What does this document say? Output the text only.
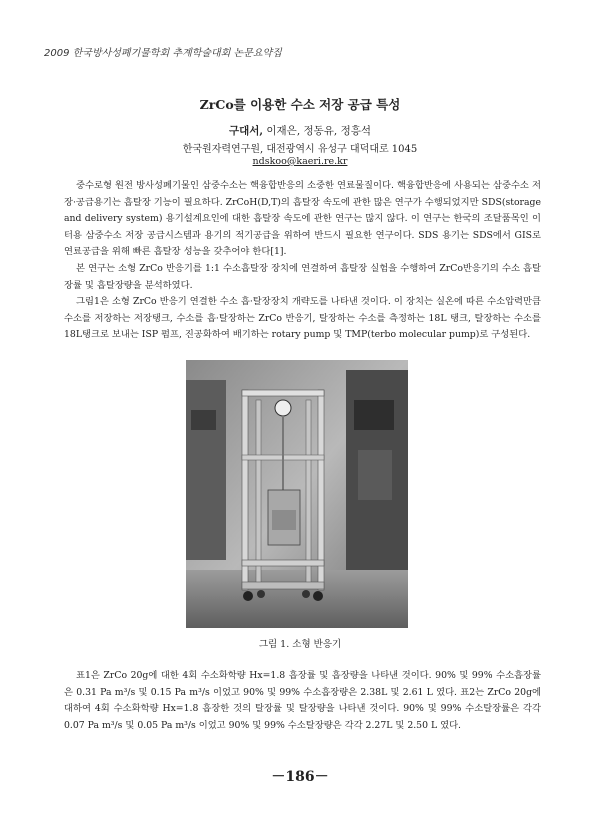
2009 한국방사성폐기물학회 추계학술대회 논문요약집
ZrCo를 이용한 수소 저장 공급 특성
구대서, 이재은, 정동유, 정흥석
한국원자력연구원, 대전광역시 유성구 대덕대로 1045
ndskoo@kaeri.re.kr

중수로형 원전 방사성폐기물인 삼중수소는 핵융합반응의 소중한 연료물질이다. 핵융합반응에 사용되는 삼중수소 저장·공급용기는 흡탈장 기능이 필요하다. ZrCoH(D,T)의 흡탈장 속도에 관한 많은 연구가 수행되었지만 SDS(storage and delivery system) 용기설계요인에 대한 흡탈장 속도에 관한 연구는 많지 않다. 이 연구는 한국의 조달품목인 이터용 삼중수소 저장 공급시스템과 용기의 적기공급을 위하여 반드시 필요한 연구이다. SDS 용기는 SDS에서 GIS로 연료공급을 위해 빠른 흡탈장 성능을 갖추어야 한다[1].

본 연구는 소형 ZrCo 반응기를 1:1 수소흡탈장 장치에 연결하여 흡탈장 실험을 수행하여 ZrCo반응기의 수소 흡탈장률 및 흡탈장량을 분석하였다.

그림1은 소형 ZrCo 반응기 연결한 수소 흡·탈장장치 개략도를 나타낸 것이다. 이 장치는 실온에 따른 수소압력만큼 수소를 저장하는 저장탱크, 수소를 흡·탈장하는 ZrCo 반응기, 탈장하는 수소를 측정하는 18L 탱크, 탈장하는 수소를 18L탱크로 보내는 ISP 펌프, 진공화하여 배기하는 rotary pump 및 TMP(terbo molecular pump)로 구성된다.

그림 1. 소형 반응기

표1은 ZrCo 20g에 대한 4회 수소화학량 Hx=1.8 흡장률 및 흡장량을 나타낸 것이다. 90% 및 99% 수소흡장률은 0.31 Pa m³/s 및 0.15 Pa m³/s 이었고 90% 및 99% 수소흡장량은 2.38L 및 2.61 L 였다. 표2는 ZrCo 20g에 대하여 4회 수소화학량 Hx=1.8 흡장한 것의 탈장률 및 탈장량을 나타낸 것이다. 90% 및 99% 수소탈장률은 각각 0.07 Pa m³/s 및 0.05 Pa m³/s 이었고 90% 및 99% 수소탈장량은 각각 2.27L 및 2.50 L 였다.

－186－
